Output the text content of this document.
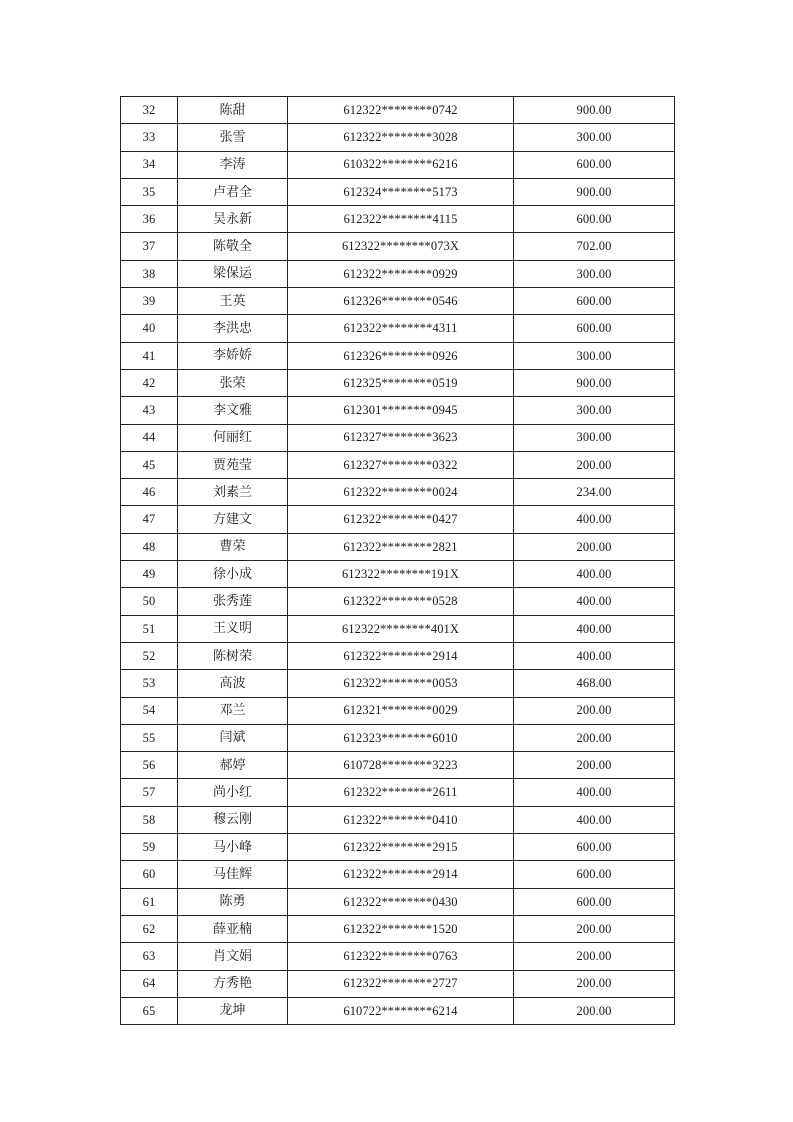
32	陈甜	612322********0742	900.00
33	张雪	612322********3028	300.00
34	李涛	610322********6216	600.00
35	卢君全	612324********5173	900.00
36	吴永新	612322********4115	600.00
37	陈敬全	612322********073X	702.00
38	梁保运	612322********0929	300.00
39	王英	612326********0546	600.00
40	李洪忠	612322********4311	600.00
41	李娇娇	612326********0926	300.00
42	张荣	612325********0519	900.00
43	李文雅	612301********0945	300.00
44	何丽红	612327********3623	300.00
45	贾苑莹	612327********0322	200.00
46	刘素兰	612322********0024	234.00
47	方建文	612322********0427	400.00
48	曹荣	612322********2821	200.00
49	徐小成	612322********191X	400.00
50	张秀莲	612322********0528	400.00
51	王义明	612322********401X	400.00
52	陈树荣	612322********2914	400.00
53	高波	612322********0053	468.00
54	邓兰	612321********0029	200.00
55	闫斌	612323********6010	200.00
56	郝婷	610728********3223	200.00
57	尚小红	612322********2611	400.00
58	穆云刚	612322********0410	400.00
59	马小峰	612322********2915	600.00
60	马佳辉	612322********2914	600.00
61	陈勇	612322********0430	600.00
62	薛亚楠	612322********1520	200.00
63	肖文娟	612322********0763	200.00
64	方秀艳	612322********2727	200.00
65	龙坤	610722********6214	200.00
